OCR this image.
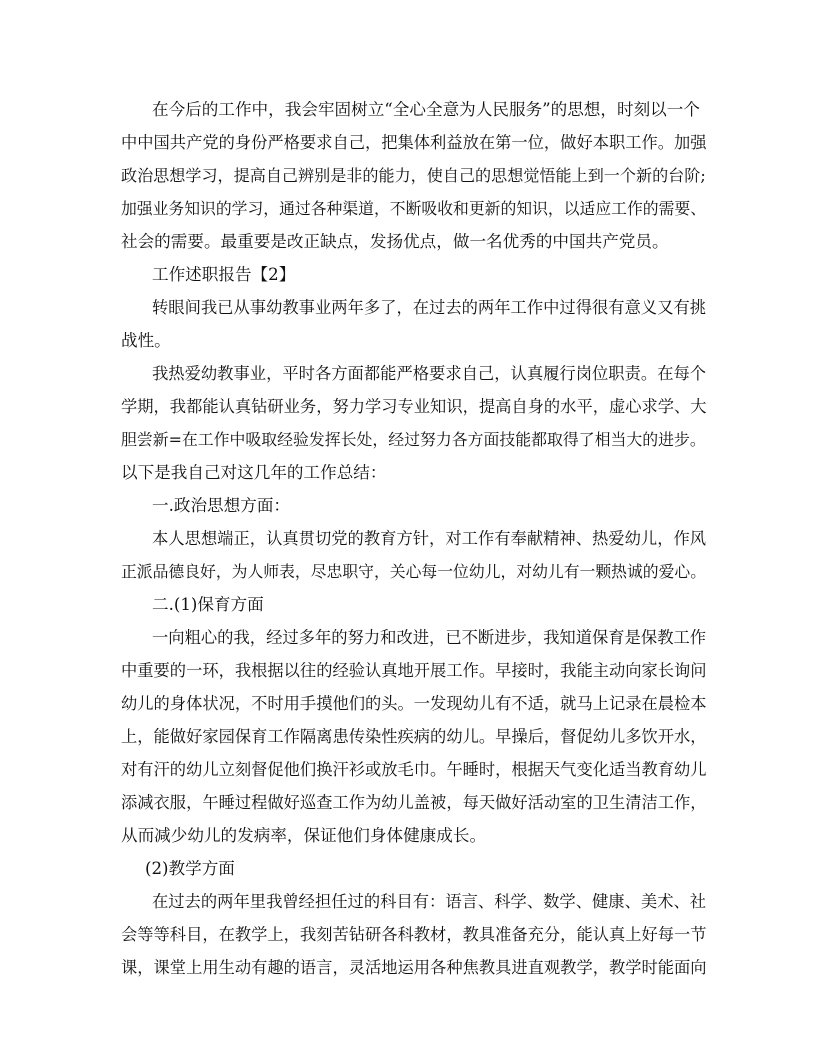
在今后的工作中，我会牢固树立“全心全意为人民服务”的思想，时刻以一个

中中国共产党的身份严格要求自己，把集体利益放在第一位，做好本职工作。加强

政治思想学习，提高自己辨别是非的能力，使自己的思想觉悟能上到一个新的台阶;

加强业务知识的学习，通过各种渠道，不断吸收和更新的知识，以适应工作的需要、

社会的需要。最重要是改正缺点，发扬优点，做一名优秀的中国共产党员。

工作述职报告【2】

转眼间我已从事幼教事业两年多了，在过去的两年工作中过得很有意义又有挑

战性。

我热爱幼教事业，平时各方面都能严格要求自己，认真履行岗位职责。在每个

学期，我都能认真钻研业务，努力学习专业知识，提高自身的水平，虚心求学、大

胆尝新=在工作中吸取经验发挥长处，经过努力各方面技能都取得了相当大的进步。

以下是我自己对这几年的工作总结：

一.政治思想方面：

本人思想端正，认真贯切党的教育方针，对工作有奉献精神、热爱幼儿，作风

正派品德良好，为人师表，尽忠职守，关心每一位幼儿，对幼儿有一颗热诚的爱心。

二.(1)保育方面

一向粗心的我，经过多年的努力和改进，已不断进步，我知道保育是保教工作

中重要的一环，我根据以往的经验认真地开展工作。早接时，我能主动向家长询问

幼儿的身体状况，不时用手摸他们的头。一发现幼儿有不适，就马上记录在晨检本

上，能做好家园保育工作隔离患传染性疾病的幼儿。早操后，督促幼儿多饮开水，

对有汗的幼儿立刻督促他们换汗衫或放毛巾。午睡时，根据天气变化适当教育幼儿

添减衣服，午睡过程做好巡查工作为幼儿盖被，每天做好活动室的卫生清洁工作，

从而减少幼儿的发病率，保证他们身体健康成长。

(2)教学方面

在过去的两年里我曾经担任过的科目有：语言、科学、数学、健康、美术、社

会等等科目，在教学上，我刻苦钻研各科教材，教具准备充分，能认真上好每一节

课，课堂上用生动有趣的语言，灵活地运用各种焦教具进直观教学，教学时能面向
